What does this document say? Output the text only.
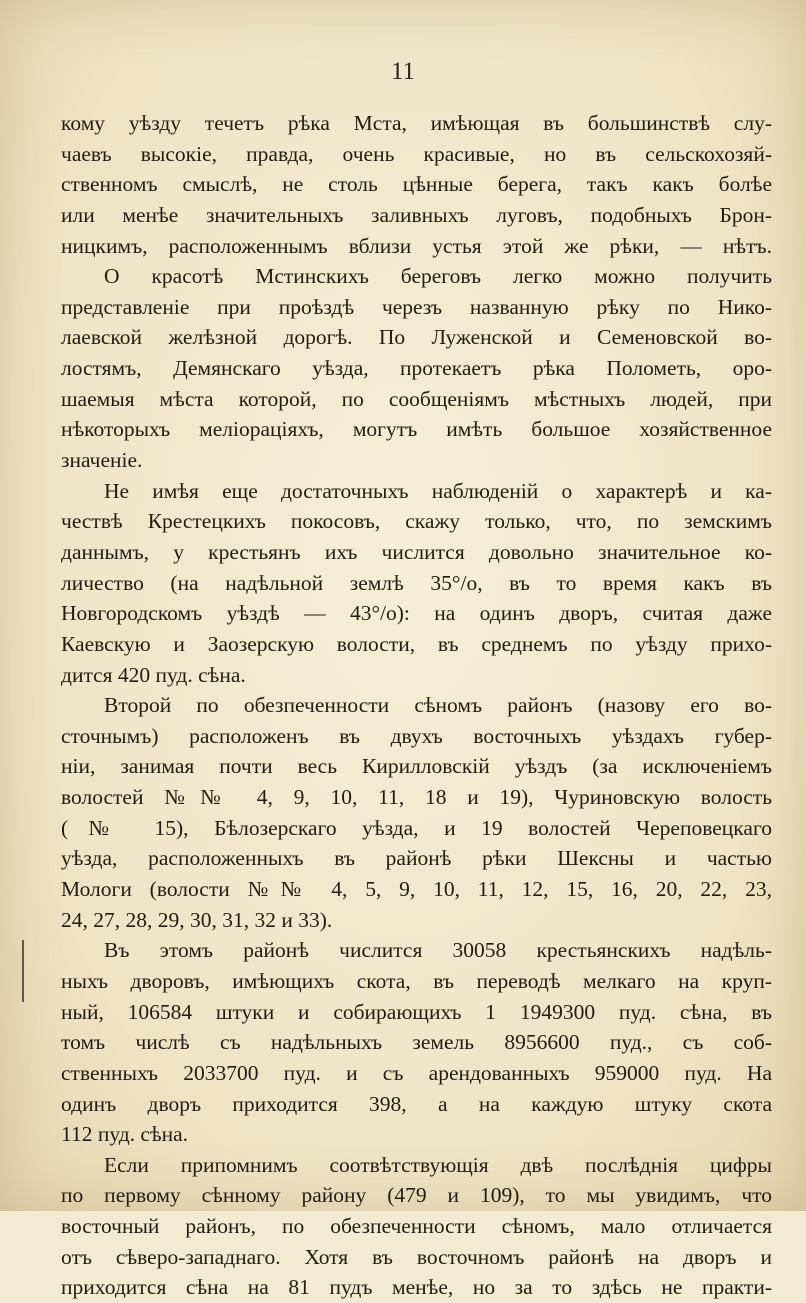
11
кому уѣзду течетъ рѣка Мста, имѣющая въ большинствѣ слу-
чаевъ высокіе, правда, очень красивые, но въ сельскохозяй-
ственномъ смыслѣ, не столь цѣнные берега, такъ какъ болѣе
или менѣе значительныхъ заливныхъ луговъ, подобныхъ Брон-
ницкимъ, расположеннымъ вблизи устья этой же рѣки, — нѣтъ.
О красотѣ Мстинскихъ береговъ легко можно получить
представленіе при проѣздѣ черезъ названную рѣку по Нико-
лаевской желѣзной дорогѣ. По Луженской и Семеновской во-
лостямъ, Демянскаго уѣзда, протекаетъ рѣка Полометь, оро-
шаемыя мѣста которой, по сообщеніямъ мѣстныхъ людей, при
нѣкоторыхъ мелioраціяхъ, могутъ имѣть большое хозяйственное
значеніе.
Не имѣя еще достаточныхъ наблюденій о характерѣ и ка-
чествѣ Крестецкихъ покосовъ, скажу только, что, по земскимъ
даннымъ, у крестьянъ ихъ числится довольно значительное ко-
личество (на надѣльной землѣ 35°/о, въ то время какъ въ
Новгородскомъ уѣздѣ — 43°/о): на одинъ дворъ, считая даже
Каевскую и Заозерскую волости, въ среднемъ по уѣзду прихо-
дится 420 пуд. сѣна.
Второй по обезпеченности сѣномъ районъ (назову его во-
сточнымъ) расположенъ въ двухъ восточныхъ уѣздахъ губер-
ніи, занимая почти весь Кирилловскій уѣздъ (за исключеніемъ
волостей №№ 4, 9, 10, 11, 18 и 19), Чуриновскую волость
(№ 15), Бѣлозерскаго уѣзда, и 19 волостей Череповецкаго
уѣзда, расположенныхъ въ районѣ рѣки Шексны и частью
Мологи (волости №№ 4, 5, 9, 10, 11, 12, 15, 16, 20, 22, 23,
24, 27, 28, 29, 30, 31, 32 и 33).
Въ этомъ районѣ числится 30058 крестьянскихъ надѣль-
ныхъ дворовъ, имѣющихъ скота, въ переводѣ мелкаго на круп-
ный, 106584 штуки и собирающихъ 1 1949300 пуд. сѣна, въ
томъ числѣ съ надѣльныхъ земель 8956600 пуд., съ соб-
ственныхъ 2033700 пуд. и съ арендованныхъ 959000 пуд. На
одинъ дворъ приходится 398, а на каждую штуку скота
112 пуд. сѣна.
Если припомнимъ соотвѣтствующія двѣ послѣднія цифры
по первому сѣнному району (479 и 109), то мы увидимъ, что
восточный районъ, по обезпеченности сѣномъ, мало отличается
отъ сѣверо-западнаго. Хотя въ восточномъ районѣ на дворъ и
приходится сѣна на 81 пудъ менѣе, но за то здѣсь не практи-
